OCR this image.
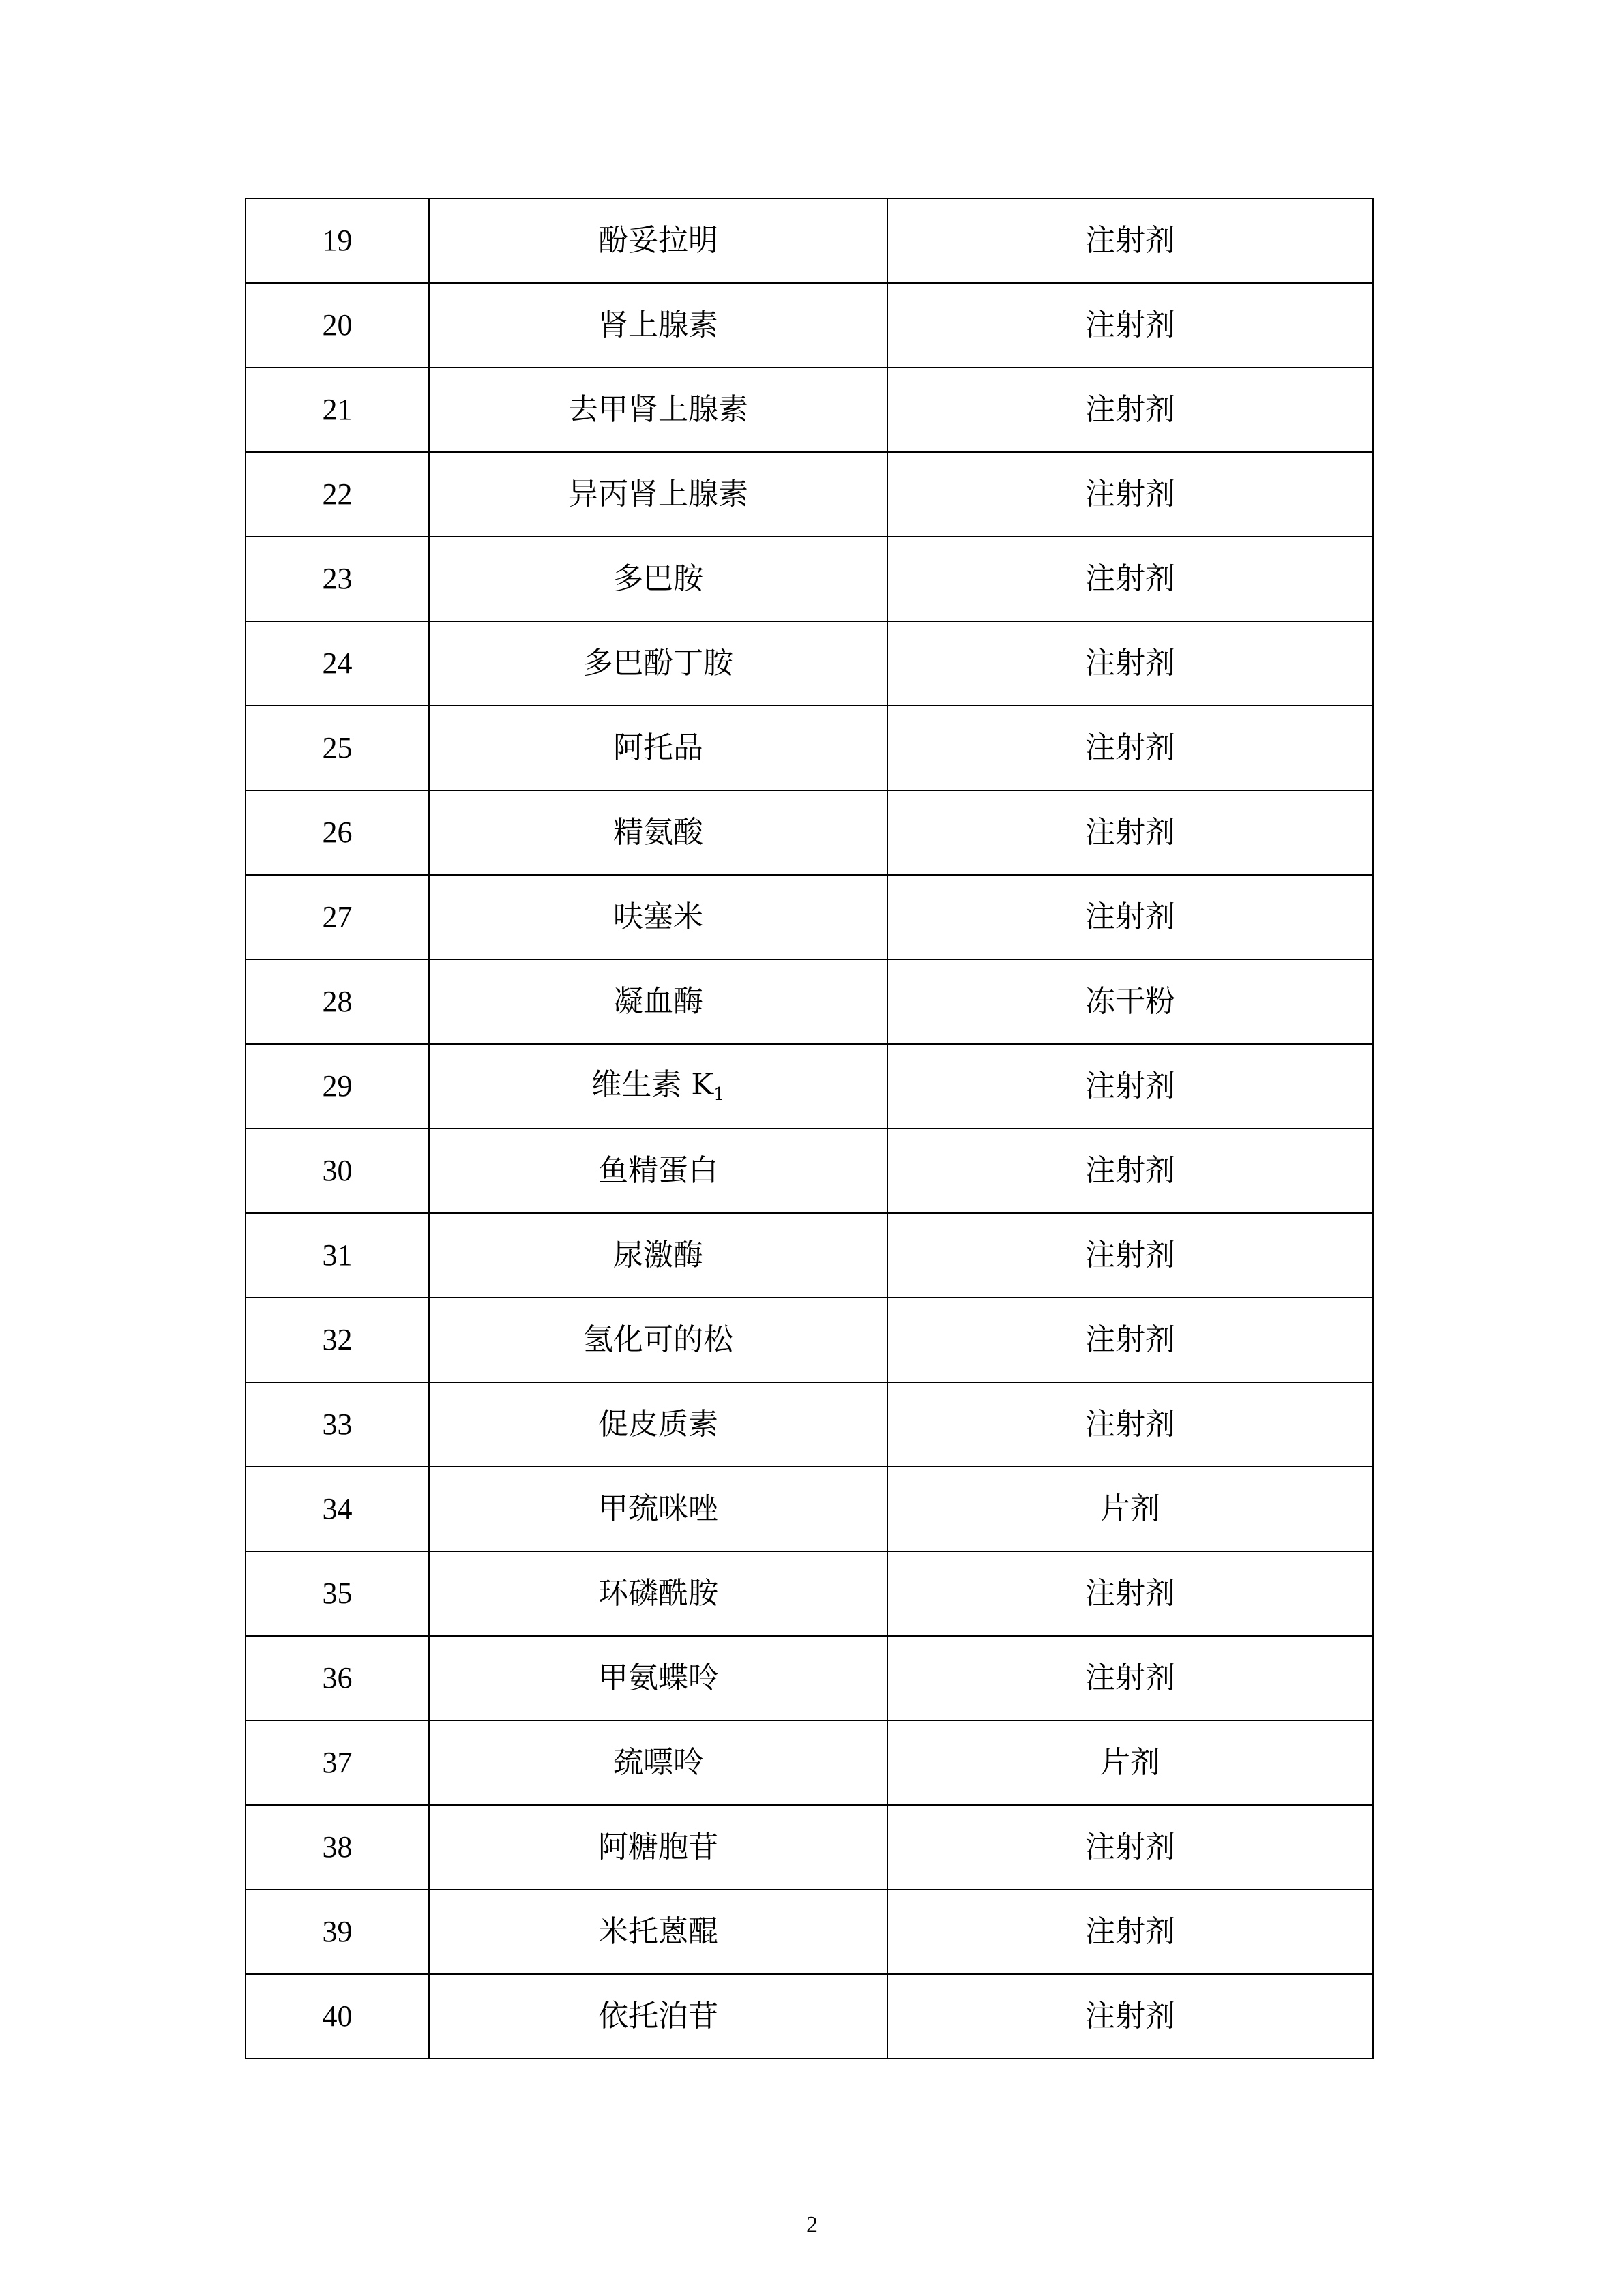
19	酚妥拉明	注射剂
20	肾上腺素	注射剂
21	去甲肾上腺素	注射剂
22	异丙肾上腺素	注射剂
23	多巴胺	注射剂
24	多巴酚丁胺	注射剂
25	阿托品	注射剂
26	精氨酸	注射剂
27	呋塞米	注射剂
28	凝血酶	冻干粉
29	维生素 $K_1$	注射剂
30	鱼精蛋白	注射剂
31	尿激酶	注射剂
32	氢化可的松	注射剂
33	促皮质素	注射剂
34	甲巯咪唑	片剂
35	环磷酰胺	注射剂
36	甲氨蝶呤	注射剂
37	巯嘌呤	片剂
38	阿糖胞苷	注射剂
39	米托蒽醌	注射剂
40	依托泊苷	注射剂
2
